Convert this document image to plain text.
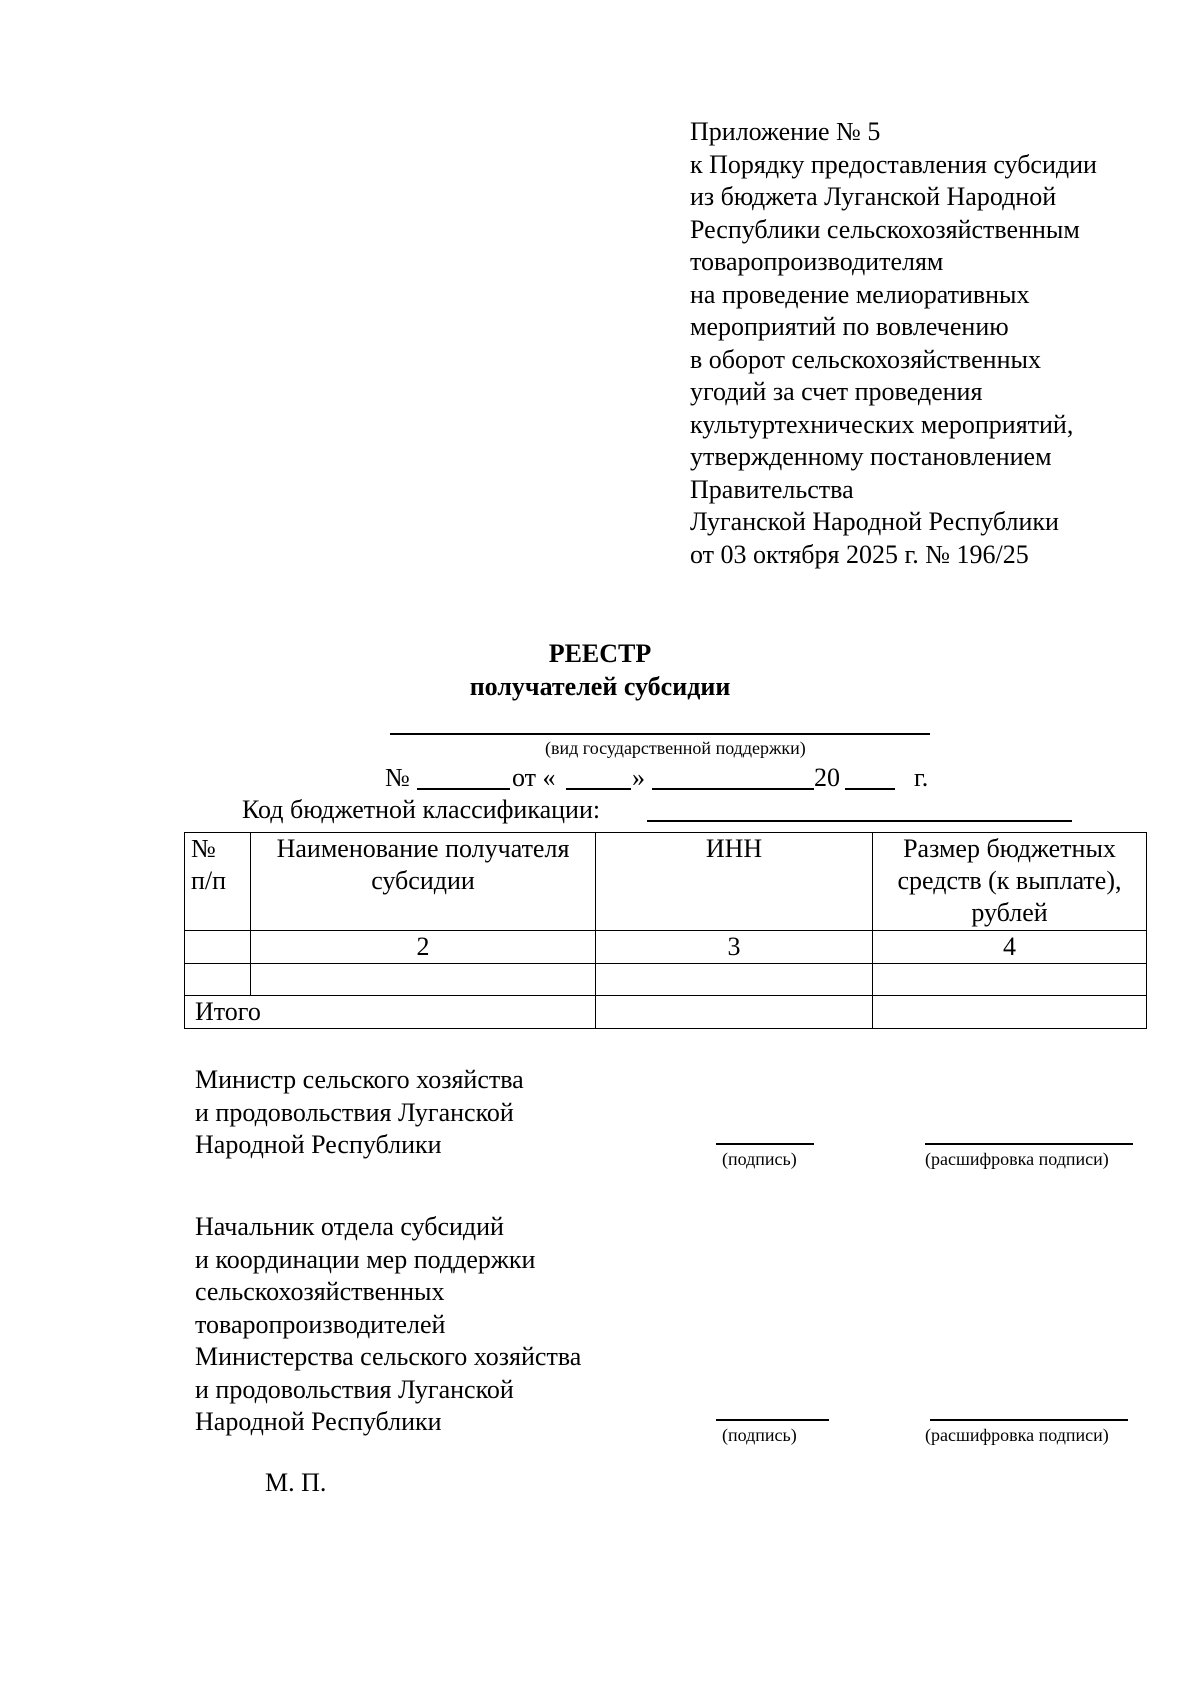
Приложение № 5
к Порядку предоставления субсидии
из бюджета Луганской Народной
Республики сельскохозяйственным
товаропроизводителям
на проведение мелиоративных
мероприятий по вовлечению
в оборот сельскохозяйственных
угодий за счет проведения
культуртехнических мероприятий,
утвержденному постановлением
Правительства
Луганской Народной Республики
от 03 октября 2025 г. № 196/25
РЕЕСТР
получателей субсидии
(вид государственной поддержки)
№	от «	»	20	г.
Код бюджетной классификации:
№ п/п	Наименование получателя субсидии	ИНН	Размер бюджетных средств (к выплате), рублей
	2	3	4

Итого			
Министр сельского хозяйства
и продовольствия Луганской
Народной Республики	(подпись)	(расшифровка подписи)
Начальник отдела субсидий
и координации мер поддержки
сельскохозяйственных
товаропроизводителей
Министерства сельского хозяйства
и продовольствия Луганской
Народной Республики	(подпись)	(расшифровка подписи)
М. П.
